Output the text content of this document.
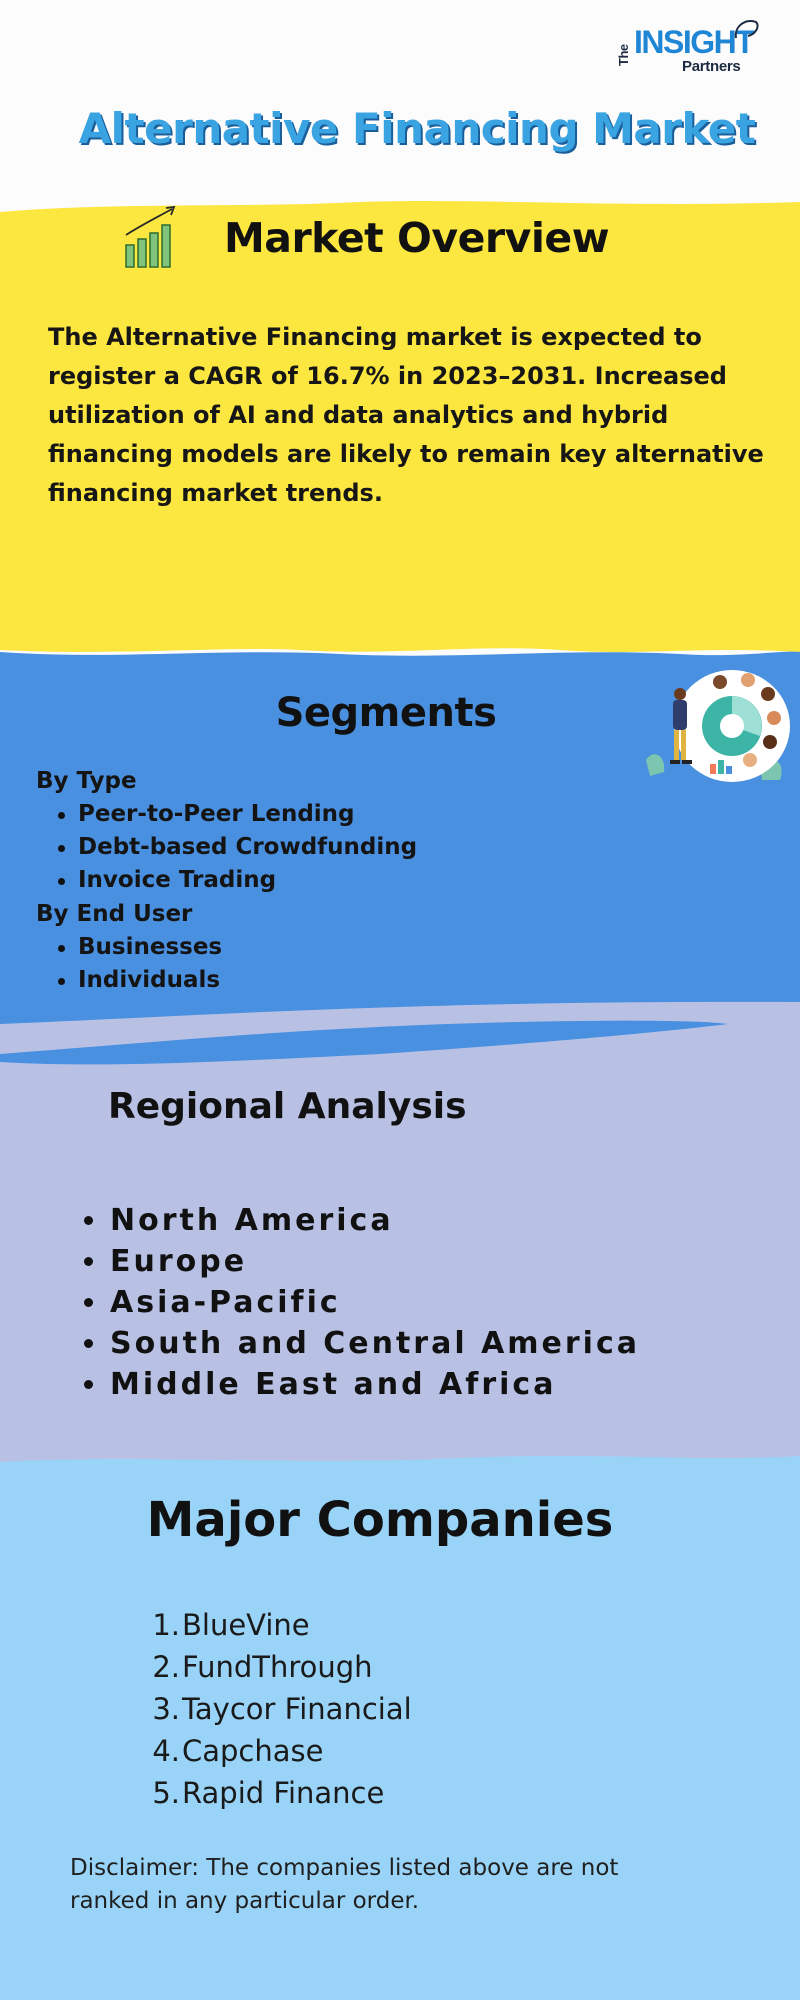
The INSIGHT
Partners
Alternative Financing Market
Market Overview
The Alternative Financing market is expected to register a CAGR of 16.7% in 2023–2031. Increased utilization of AI and data analytics and hybrid financing models are likely to remain key alternative financing market trends.
Segments
By Type
Peer-to-Peer Lending
Debt-based Crowdfunding
Invoice Trading
By End User
Businesses
Individuals
Regional Analysis
North America
Europe
Asia-Pacific
South and Central America
Middle East and Africa
Major Companies
1. BlueVine
2. FundThrough
3. Taycor Financial
4. Capchase
5. Rapid Finance
Disclaimer: The companies listed above are not ranked in any particular order.
